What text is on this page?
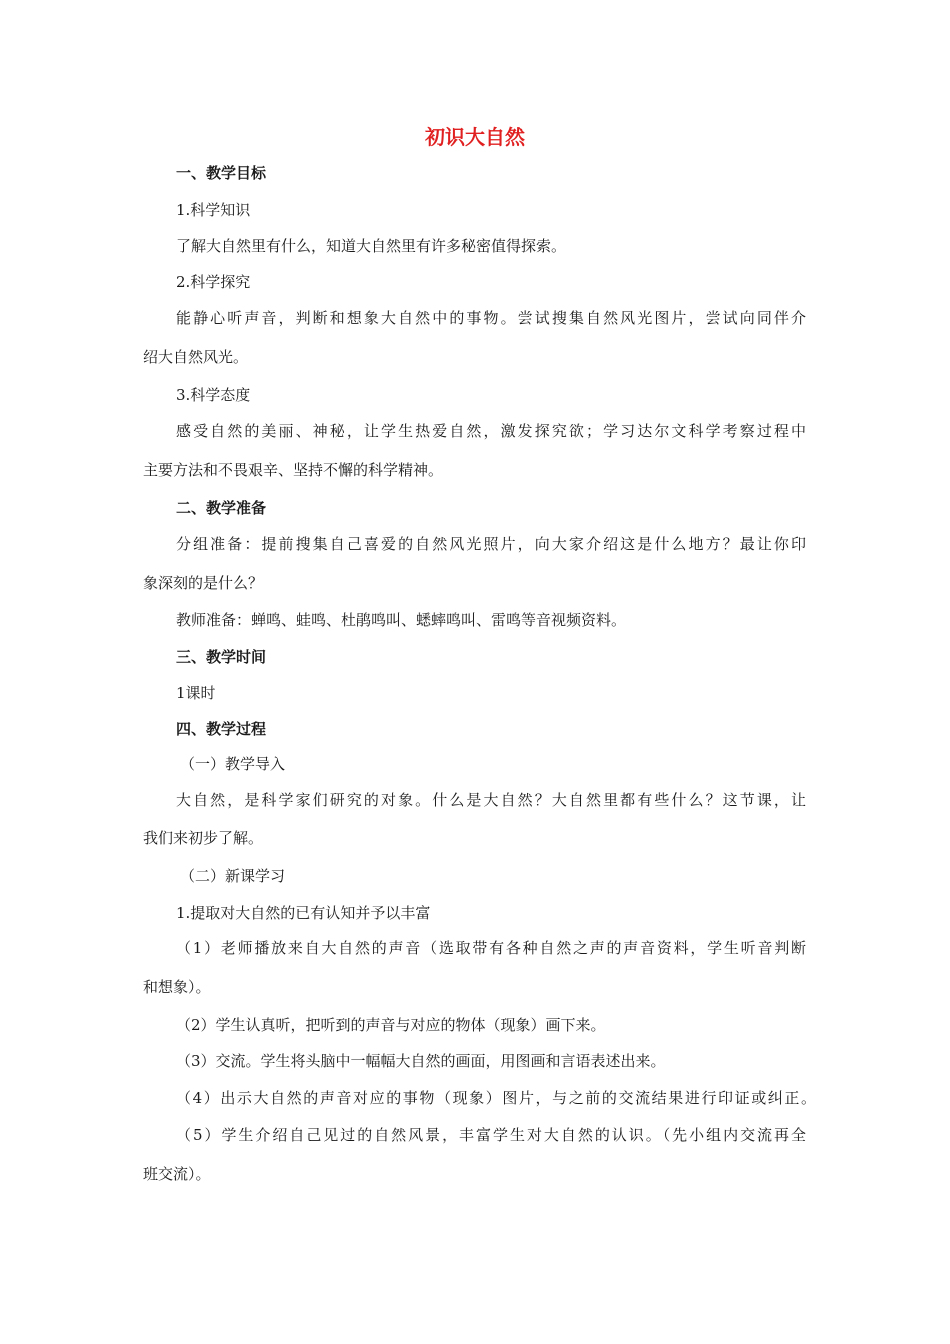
初识大自然
一、教学目标
1.科学知识
了解大自然里有什么，知道大自然里有许多秘密值得探索。
2.科学探究
能静心听声音，判断和想象大自然中的事物。尝试搜集自然风光图片，尝试向同伴介
绍大自然风光。
3.科学态度
感受自然的美丽、神秘，让学生热爱自然，激发探究欲；学习达尔文科学考察过程中
主要方法和不畏艰辛、坚持不懈的科学精神。
二、教学准备
分组准备：提前搜集自己喜爱的自然风光照片，向大家介绍这是什么地方？最让你印
象深刻的是什么？
教师准备：蝉鸣、蛙鸣、杜鹃鸣叫、蟋蟀鸣叫、雷鸣等音视频资料。
三、教学时间
1课时
四、教学过程
（一）教学导入
大自然，是科学家们研究的对象。什么是大自然？大自然里都有些什么？这节课，让
我们来初步了解。
（二）新课学习
1.提取对大自然的已有认知并予以丰富
（1）老师播放来自大自然的声音（选取带有各种自然之声的声音资料，学生听音判断
和想象）。
（2）学生认真听，把听到的声音与对应的物体（现象）画下来。
（3）交流。学生将头脑中一幅幅大自然的画面，用图画和言语表述出来。
（4）出示大自然的声音对应的事物（现象）图片，与之前的交流结果进行印证或纠正。
（5）学生介绍自己见过的自然风景，丰富学生对大自然的认识。（先小组内交流再全
班交流）。
